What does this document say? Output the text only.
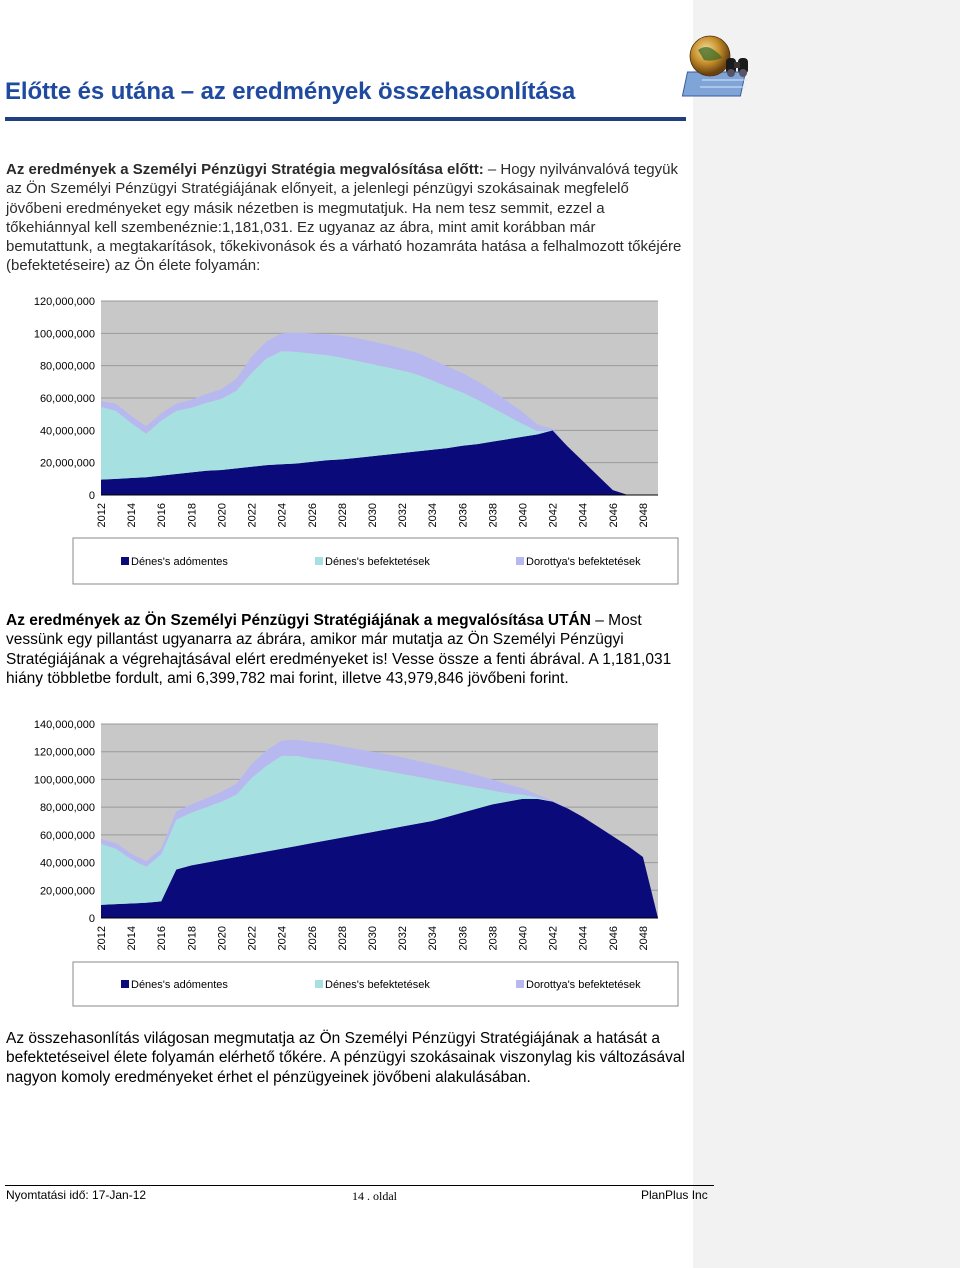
Előtte és utána – az eredmények összehasonlítása

Az eredmények a Személyi Pénzügyi Stratégia megvalósítása előtt: – Hogy nyilvánvalóvá tegyük az Ön Személyi Pénzügyi Stratégiájának előnyeit, a jelenlegi pénzügyi szokásainak megfelelő jövőbeni eredményeket egy másik nézetben is megmutatjuk. Ha nem tesz semmit, ezzel a tőkehiánnyal kell szembenéznie:1,181,031. Ez ugyanaz az ábra, mint amit korábban már bemutattunk, a megtakarítások, tőkekivonások és a várható hozamráta hatása a felhalmozott tőkéjére (befektetéseire) az Ön élete folyamán:

0
20,000,000
40,000,000
60,000,000
80,000,000
100,000,000
120,000,000
2012 2014 2016 2018 2020 2022 2024 2026 2028 2030 2032 2034 2036 2038 2040 2042 2044 2046 2048
Dénes's adómentes	Dénes's befektetések	Dorottya's befektetések

Az eredmények az Ön Személyi Pénzügyi Stratégiájának a megvalósítása UTÁN – Most vessünk egy pillantást ugyanarra az ábrára, amikor már mutatja az Ön Személyi Pénzügyi Stratégiájának a végrehajtásával elért eredményeket is! Vesse össze a fenti ábrával. A 1,181,031 hiány többletbe fordult, ami 6,399,782 mai forint, illetve 43,979,846 jövőbeni forint.

0
20,000,000
40,000,000
60,000,000
80,000,000
100,000,000
120,000,000
140,000,000
2012 2014 2016 2018 2020 2022 2024 2026 2028 2030 2032 2034 2036 2038 2040 2042 2044 2046 2048
Dénes's adómentes	Dénes's befektetések	Dorottya's befektetések

Az összehasonlítás világosan megmutatja az Ön Személyi Pénzügyi Stratégiájának a hatását a befektetéseivel élete folyamán elérhető tőkére. A pénzügyi szokásainak viszonylag kis változásával nagyon komoly eredményeket érhet el pénzügyeinek jövőbeni alakulásában.

Nyomtatási idő: 17-Jan-12	14 . oldal	PlanPlus Inc
